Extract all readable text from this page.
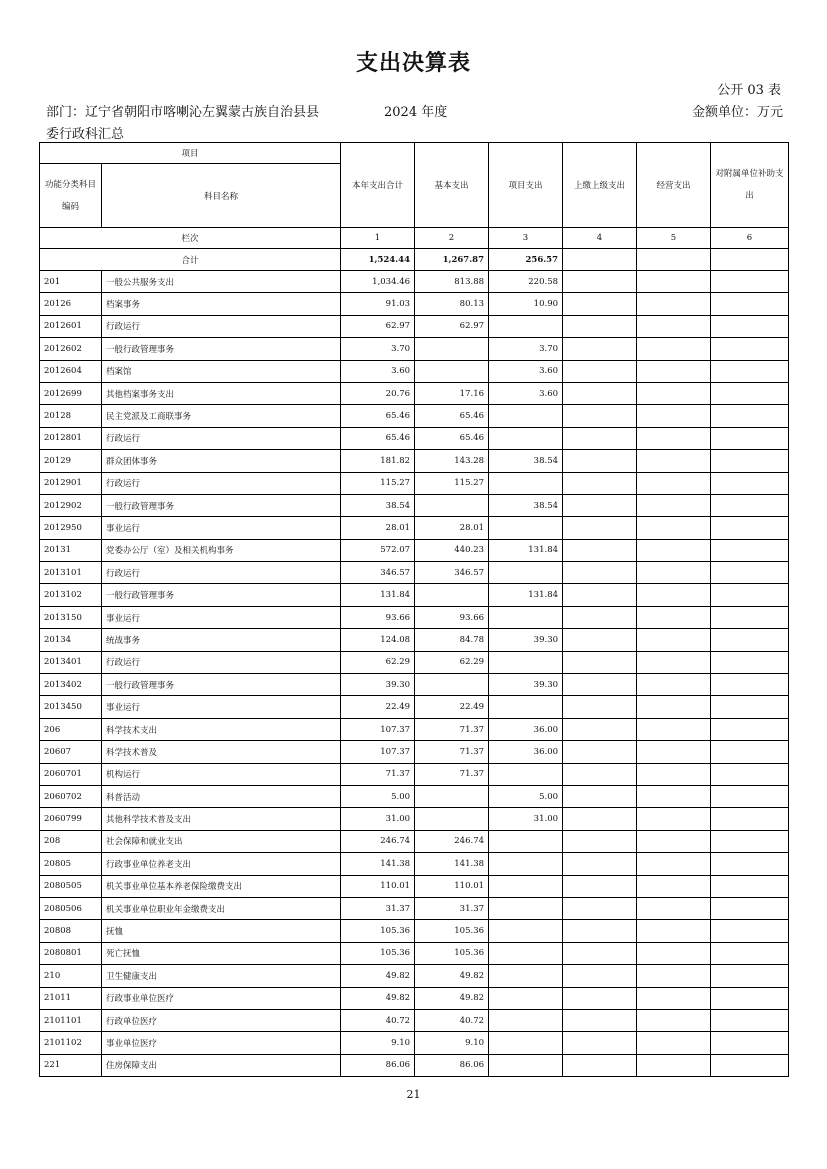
支出决算表
公开 03 表
部门：辽宁省朝阳市喀喇沁左翼蒙古族自治县县	2024 年度	金额单位：万元
委行政科汇总
项目		本年支出合计	基本支出	项目支出	上缴上级支出	经营支出	对附属单位补助支出
功能分类科目编码	科目名称						
栏次		1	2	3	4	5	6
合计		1,524.44	1,267.87	256.57			
201	一般公共服务支出	1,034.46	813.88	220.58			
20126	档案事务	91.03	80.13	10.90			
2012601	行政运行	62.97	62.97				
2012602	一般行政管理事务	3.70		3.70			
2012604	档案馆	3.60		3.60			
2012699	其他档案事务支出	20.76	17.16	3.60			
20128	民主党派及工商联事务	65.46	65.46				
2012801	行政运行	65.46	65.46				
20129	群众团体事务	181.82	143.28	38.54			
2012901	行政运行	115.27	115.27				
2012902	一般行政管理事务	38.54		38.54			
2012950	事业运行	28.01	28.01				
20131	党委办公厅（室）及相关机构事务	572.07	440.23	131.84			
2013101	行政运行	346.57	346.57				
2013102	一般行政管理事务	131.84		131.84			
2013150	事业运行	93.66	93.66				
20134	统战事务	124.08	84.78	39.30			
2013401	行政运行	62.29	62.29				
2013402	一般行政管理事务	39.30		39.30			
2013450	事业运行	22.49	22.49				
206	科学技术支出	107.37	71.37	36.00			
20607	科学技术普及	107.37	71.37	36.00			
2060701	机构运行	71.37	71.37				
2060702	科普活动	5.00		5.00			
2060799	其他科学技术普及支出	31.00		31.00			
208	社会保障和就业支出	246.74	246.74				
20805	行政事业单位养老支出	141.38	141.38				
2080505	机关事业单位基本养老保险缴费支出	110.01	110.01				
2080506	机关事业单位职业年金缴费支出	31.37	31.37				
20808	抚恤	105.36	105.36				
2080801	死亡抚恤	105.36	105.36				
210	卫生健康支出	49.82	49.82				
21011	行政事业单位医疗	49.82	49.82				
2101101	行政单位医疗	40.72	40.72				
2101102	事业单位医疗	9.10	9.10				
221	住房保障支出	86.06	86.06				
21
